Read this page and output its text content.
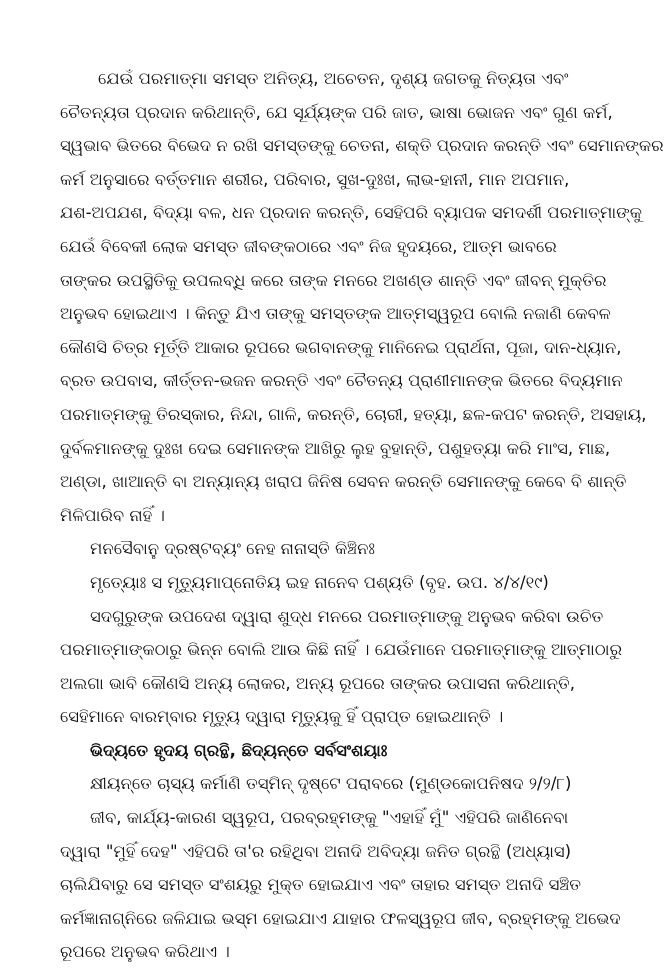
ଯେଉଁ ପରମାତ୍ମା ସମସ୍ତ ଅନିତ୍ୟ, ଅଚେତନ, ଦୃଶ୍ୟ ଜଗତକୁ ନିତ୍ୟତା ଏବଂ
ଚୈତନ୍ୟତା ପ୍ରଦାନ କରିଥାନ୍ତି, ଯେ ସୂର୍ଯ୍ୟଙ୍କ ପରି ଜାତ, ଭାଷା ଭୋଜନ ଏବଂ ଗୁଣ କର୍ମ,
ସ୍ୱଭାବ ଭିତରେ ବିଭେଦ ନ ରଖି ସମସ୍ତଙ୍କୁ ଚେତନା, ଶକ୍ତି ପ୍ରଦାନ କରନ୍ତି ଏବଂ ସେମାନଙ୍କର
କର୍ମ ଅନୁସାରେ ବର୍ତ୍ତମାନ ଶରୀର, ପରିବାର, ସୁଖ-ଦୁଃଖ, ଲାଭ-ହାନୀ, ମାନ ଅପମାନ,
ଯଶ-ଅପଯଶ, ବିଦ୍ୟା ବଳ, ଧନ ପ୍ରଦାନ କରନ୍ତି, ସେହିପରି ବ୍ୟାପକ ସମଦର୍ଶୀ ପରମାତ୍ମାଙ୍କୁ
ଯେଉଁ ବିବେକୀ ଲୋକ ସମସ୍ତ ଜୀବଙ୍କଠାରେ ଏବଂ ନିଜ ହୃଦୟରେ, ଆତ୍ମ ଭାବରେ
ତାଙ୍କର ଉପସ୍ଥିତିକୁ ଉପଲବ୍ଧି କରେ ତାଙ୍କ ମନରେ ଅଖଣ୍ଡ ଶାନ୍ତି ଏବଂ ଜୀବନ୍ ମୁକ୍ତିର
ଅନୁଭବ ହୋଇଥାଏ । କିନ୍ତୁ ଯିଏ ତାଙ୍କୁ ସମସ୍ତଙ୍କ ଆତ୍ମସ୍ୱରୂପ ବୋଲି ନଜାଣି କେବଳ
କୌଣସି ଚିତ୍ର ମୂର୍ତ୍ତି ଆକାର ରୂପରେ ଭଗବାନଙ୍କୁ ମାନିନେଇ ପ୍ରାର୍ଥନା, ପୂଜା, ଦାନ-ଧ୍ୟାନ,
ବ୍ରତ ଉପବାସ, କୀର୍ତ୍ତନ-ଭଜନ କରନ୍ତି ଏବଂ ଚୈତନ୍ୟ ପ୍ରାଣୀମାନଙ୍କ ଭିତରେ ବିଦ୍ୟମାନ
ପରମାତ୍ମଙ୍କୁ ତିରସ୍କାର, ନିନ୍ଦା, ଗାଳି, କରନ୍ତି, ଚୋରୀ, ହତ୍ୟା, ଛଳ-କପଟ କରନ୍ତି, ଅସହାୟ,
ଦୁର୍ବଳମାନଙ୍କୁ ଦୁଃଖ ଦେଇ ସେମାନଙ୍କ ଆଖିରୁ ଲୁହ ବୁହାନ୍ତି, ପଶୁହତ୍ୟା କରି ମାଂସ, ମାଛ,
ଅଣ୍ଡା, ଖାଆନ୍ତି ବା ଅନ୍ୟାନ୍ୟ ଖରାପ ଜିନିଷ ସେବନ କରନ୍ତି ସେମାନଙ୍କୁ କେବେ ବି ଶାନ୍ତି
ମିଳିପାରିବ ନାହିଁ ।
ମନସୈବାନୁ ଦ୍ରଷ୍ଟବ୍ୟଂ ନେହ ନାନାସ୍ତି କିଞ୍ଚିନଃ
ମୃତ୍ୟୋଃ ସ ମୃତ୍ୟୁମାପ୍ନୋତିୟ ଇହ ନାନେବ ପଶ୍ୟତି (ବୃହ. ଉପ. ୪/୪/୧୯)
ସଦଗୁରୁଙ୍କ ଉପଦେଶ ଦ୍ୱାରା ଶୁଦ୍ଧ ମନରେ ପରମାତ୍ମାଙ୍କୁ ଅନୁଭବ କରିବା ଉଚିତ
ପରମାତ୍ମାଙ୍କଠାରୁ ଭିନ୍ନ ବୋଲି ଆଉ କିଛି ନାହିଁ । ଯେଉଁମାନେ ପରମାତ୍ମାଙ୍କୁ ଆତ୍ମାଠାରୁ
ଅଲଗା ଭାବି କୌଣସି ଅନ୍ୟ ଲୋକର, ଅନ୍ୟ ରୂପରେ ତାଙ୍କର ଉପାସନା କରିଥାନ୍ତି,
ସେହିମାନେ ବାରମ୍ବାର ମୃତ୍ୟୁ ଦ୍ୱାରା ମୃତ୍ୟୁକୁ ହିଁ ପ୍ରାପ୍ତ ହୋଇଥାନ୍ତି ।
ଭିଦ୍ୟତେ ହୃଦୟ ଗ୍ରନ୍ଥି, ଛିଦ୍ୟନ୍ତେ ସର୍ବସଂଶୟାଃ
କ୍ଷୀୟନ୍ତେ ଚାସ୍ୟ କର୍ମାଣି ତସ୍ମିନ୍ ଦୃଷ୍ଟେ ପରାବରେ (ମୁଣ୍ଡକୋପନିଷଦ ୨/୨/୮)
ଜୀବ, କାର୍ଯ୍ୟ-କାରଣ ସ୍ୱରୂପ, ପରବ୍ରହ୍ମଙ୍କୁ "ଏହାହିଁ ମୁଁ" ଏହିପରି ଜାଣିନେବା
ଦ୍ୱାରା "ମୁହିଁ ଦେହ" ଏହିପରି ତା'ର ରହିଥିବା ଅନାଦି ଅବିଦ୍ୟା ଜନିତ ଗ୍ରନ୍ଥି (ଅଧ୍ୟାସ)
ଚାଲିଯିବାରୁ ସେ ସମସ୍ତ ସଂଶୟରୁ ମୁକ୍ତ ହୋଇଯାଏ ଏବଂ ତାହାର ସମସ୍ତ ଅନାଦି ସଞ୍ଚିତ
କର୍ମଜ୍ଞାନାଗ୍ନିରେ ଜଳିଯାଇ ଭସ୍ମ ହୋଇଯାଏ ଯାହାର ଫଳସ୍ୱରୂପ ଜୀବ, ବ୍ରହ୍ମଙ୍କୁ ଅଭେଦ
ରୂପରେ ଅନୁଭବ କରିଥାଏ ।
